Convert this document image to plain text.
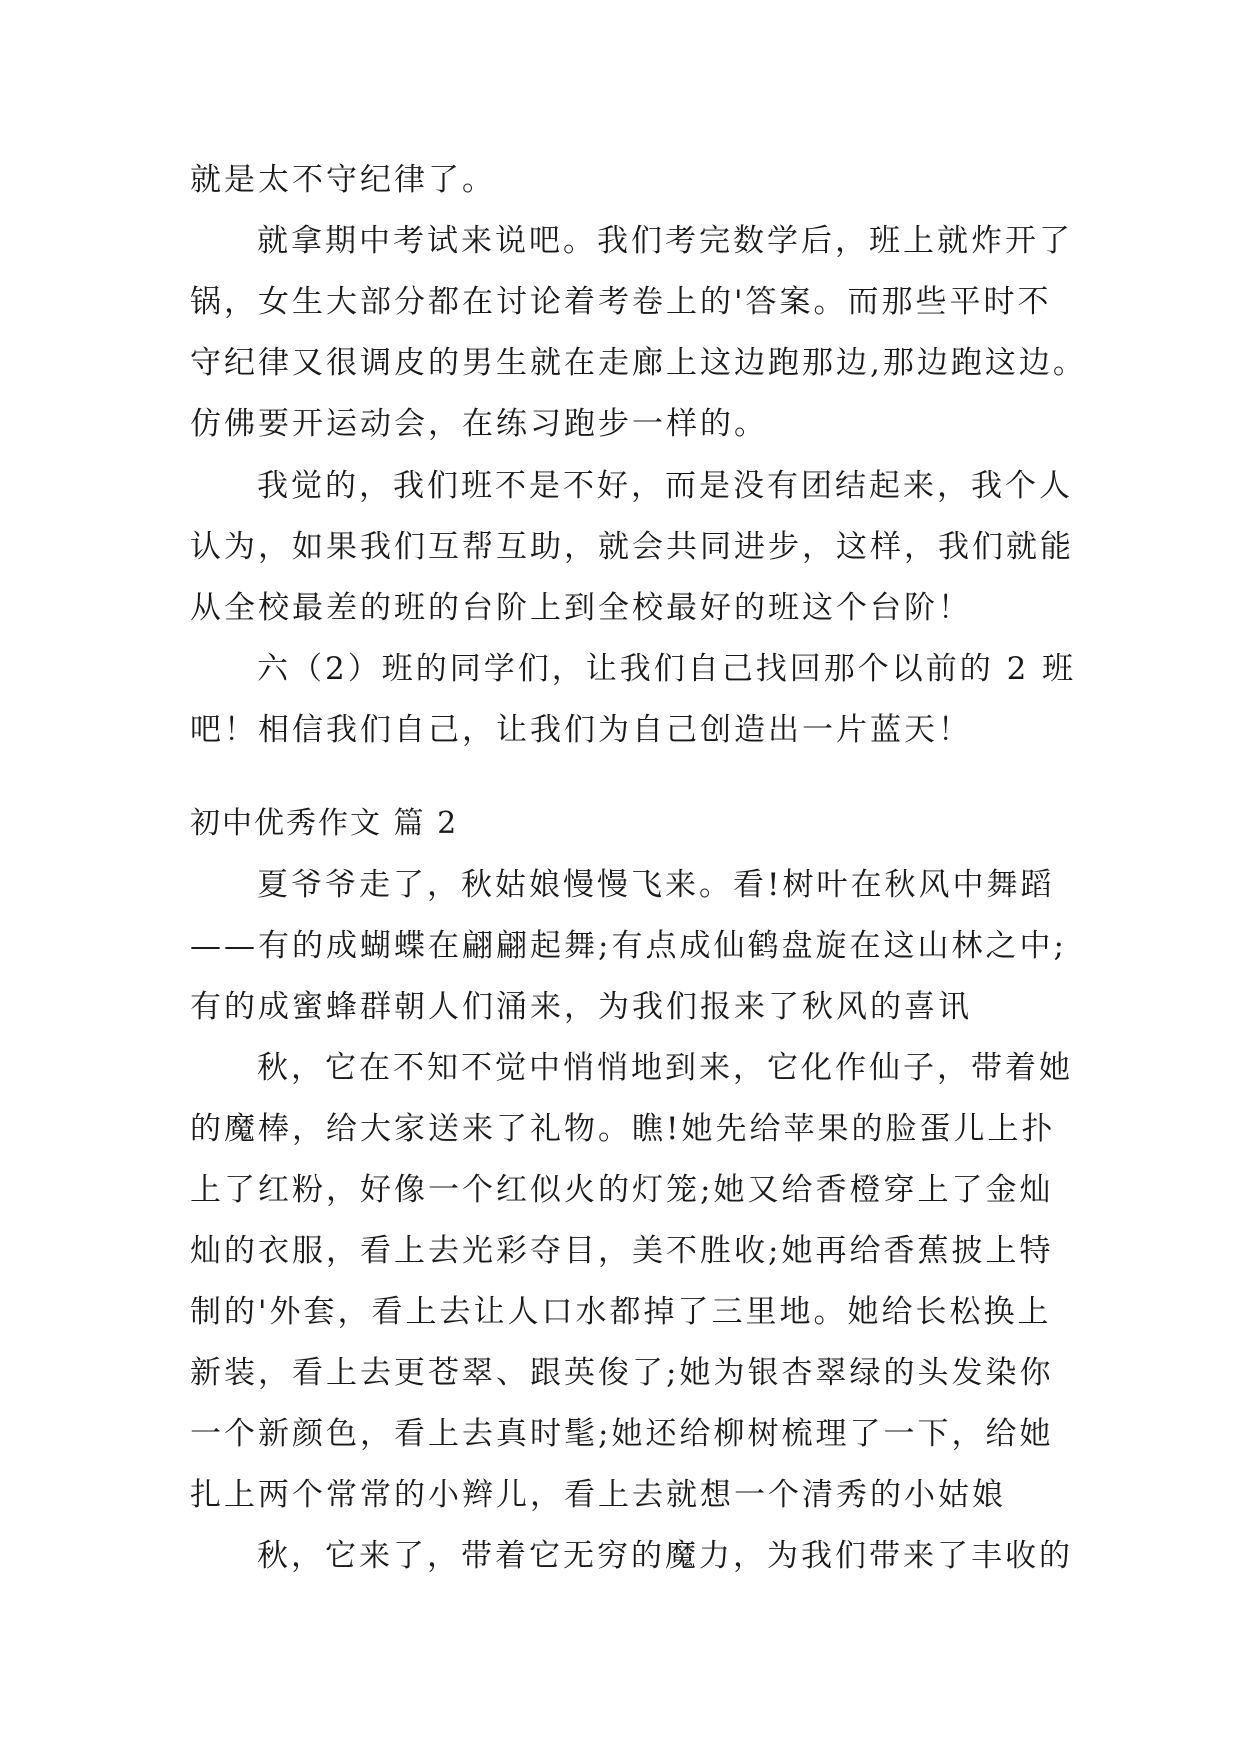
就是太不守纪律了。
就拿期中考试来说吧。我们考完数学后，班上就炸开了
锅，女生大部分都在讨论着考卷上的'答案。而那些平时不
守纪律又很调皮的男生就在走廊上这边跑那边,那边跑这边。
仿佛要开运动会，在练习跑步一样的。
我觉的，我们班不是不好，而是没有团结起来，我个人
认为，如果我们互帮互助，就会共同进步，这样，我们就能
从全校最差的班的台阶上到全校最好的班这个台阶！
六（2）班的同学们，让我们自己找回那个以前的 2 班
吧！相信我们自己，让我们为自己创造出一片蓝天！
初中优秀作文 篇 2
夏爷爷走了，秋姑娘慢慢飞来。看!树叶在秋风中舞蹈
——有的成蝴蝶在翩翩起舞;有点成仙鹤盘旋在这山林之中;
有的成蜜蜂群朝人们涌来，为我们报来了秋风的喜讯
秋，它在不知不觉中悄悄地到来，它化作仙子，带着她
的魔棒，给大家送来了礼物。瞧!她先给苹果的脸蛋儿上扑
上了红粉，好像一个红似火的灯笼;她又给香橙穿上了金灿
灿的衣服，看上去光彩夺目，美不胜收;她再给香蕉披上特
制的'外套，看上去让人口水都掉了三里地。她给长松换上
新装，看上去更苍翠、跟英俊了;她为银杏翠绿的头发染你
一个新颜色，看上去真时髦;她还给柳树梳理了一下，给她
扎上两个常常的小辫儿，看上去就想一个清秀的小姑娘
秋，它来了，带着它无穷的魔力，为我们带来了丰收的
